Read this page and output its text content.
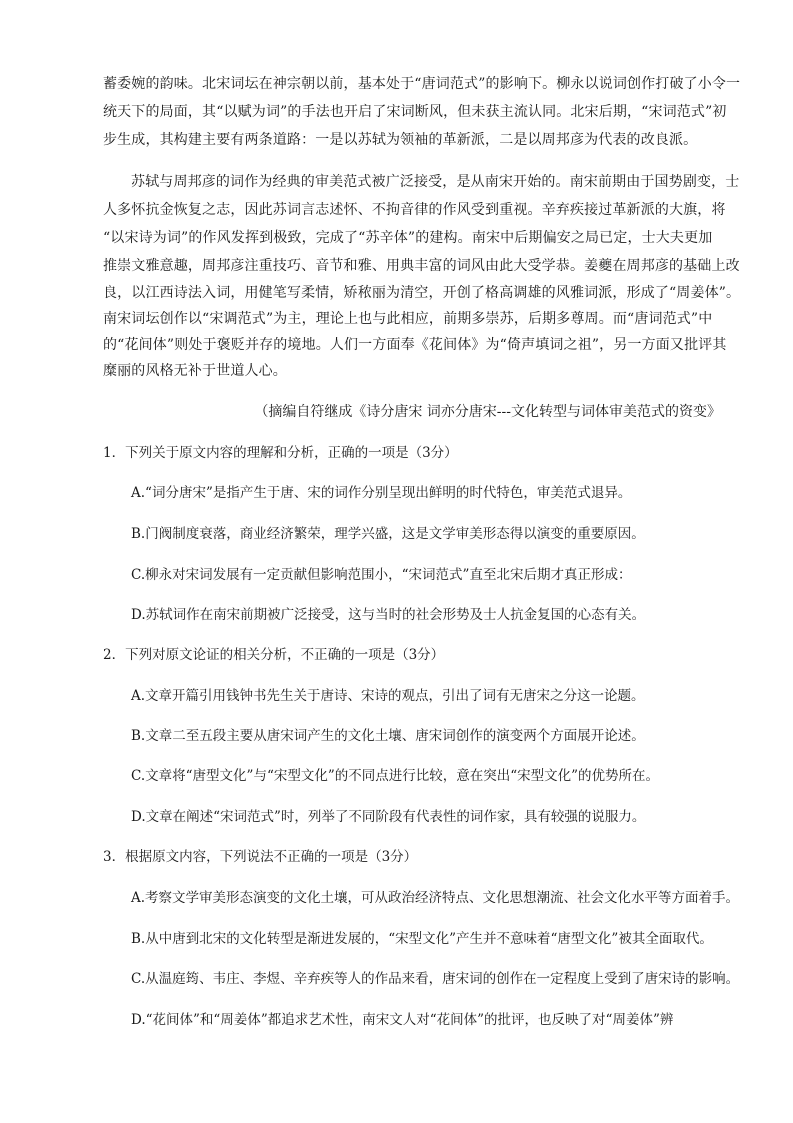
蓄委婉的韵味。北宋词坛在神宗朝以前，基本处于“唐词范式”的影响下。柳永以说词创作打破了小令一
统天下的局面，其“以赋为词”的手法也开启了宋词断风，但未获主流认同。北宋后期，“宋词范式”初
步生成，其构建主要有两条道路：一是以苏轼为领袖的革新派，二是以周邦彦为代表的改良派。
苏轼与周邦彦的词作为经典的审美范式被广泛接受，是从南宋开始的。南宋前期由于国势剧变，士
人多怀抗金恢复之志，因此苏词言志述怀、不拘音律的作风受到重视。辛弃疾接过革新派的大旗，将
“以宋诗为词”的作风发挥到极致，完成了“苏辛体”的建构。南宋中后期偏安之局已定，士大夫更加
推崇文雅意趣，周邦彦注重技巧、音节和雅、用典丰富的词风由此大受学恭。姜夔在周邦彦的基础上改
良，以江西诗法入词，用健笔写柔情，矫秾丽为清空，开创了格高调雄的风雅词派，形成了“周姜体”。
南宋词坛创作以“宋调范式”为主，理论上也与此相应，前期多崇苏，后期多尊周。而“唐词范式”中
的“花间体”则处于褒贬并存的境地。人们一方面奉《花间体》为“倚声填词之祖”，另一方面又批评其
糜丽的风格无补于世道人心。
（摘编自符继成《诗分唐宋 词亦分唐宋---文化转型与词体审美范式的资变》
1．下列关于原文内容的理解和分析，正确的一项是（3分）
A.“词分唐宋”是指产生于唐、宋的词作分别呈现出鲜明的时代特色，审美范式退异。
B.门阀制度衰落，商业经济繁荣，理学兴盛，这是文学审美形态得以演变的重要原因。
C.柳永对宋词发展有一定贡献但影响范围小，“宋词范式”直至北宋后期才真正形成：
D.苏轼词作在南宋前期被广泛接受，这与当时的社会形势及士人抗金复国的心态有关。
2．下列对原文论证的相关分析，不正确的一项是（3分）
A.文章开篇引用钱钟书先生关于唐诗、宋诗的观点，引出了词有无唐宋之分这一论题。
B.文章二至五段主要从唐宋词产生的文化土壤、唐宋词创作的演变两个方面展开论述。
C.文章将“唐型文化”与“宋型文化”的不同点进行比较，意在突出“宋型文化”的优势所在。
D.文章在阐述“宋词范式”时，列举了不同阶段有代表性的词作家，具有较强的说服力。
3．根据原文内容，下列说法不正确的一项是（3分）
A.考察文学审美形态演变的文化土壤，可从政治经济特点、文化思想潮流、社会文化水平等方面着手。
B.从中唐到北宋的文化转型是渐进发展的，“宋型文化”产生并不意味着“唐型文化”被其全面取代。
C.从温庭筠、韦庄、李煜、辛弃疾等人的作品来看，唐宋词的创作在一定程度上受到了唐宋诗的影响。
D.“花间体”和“周姜体”都追求艺术性，南宋文人对“花间体”的批评，也反映了对“周姜体”辨
